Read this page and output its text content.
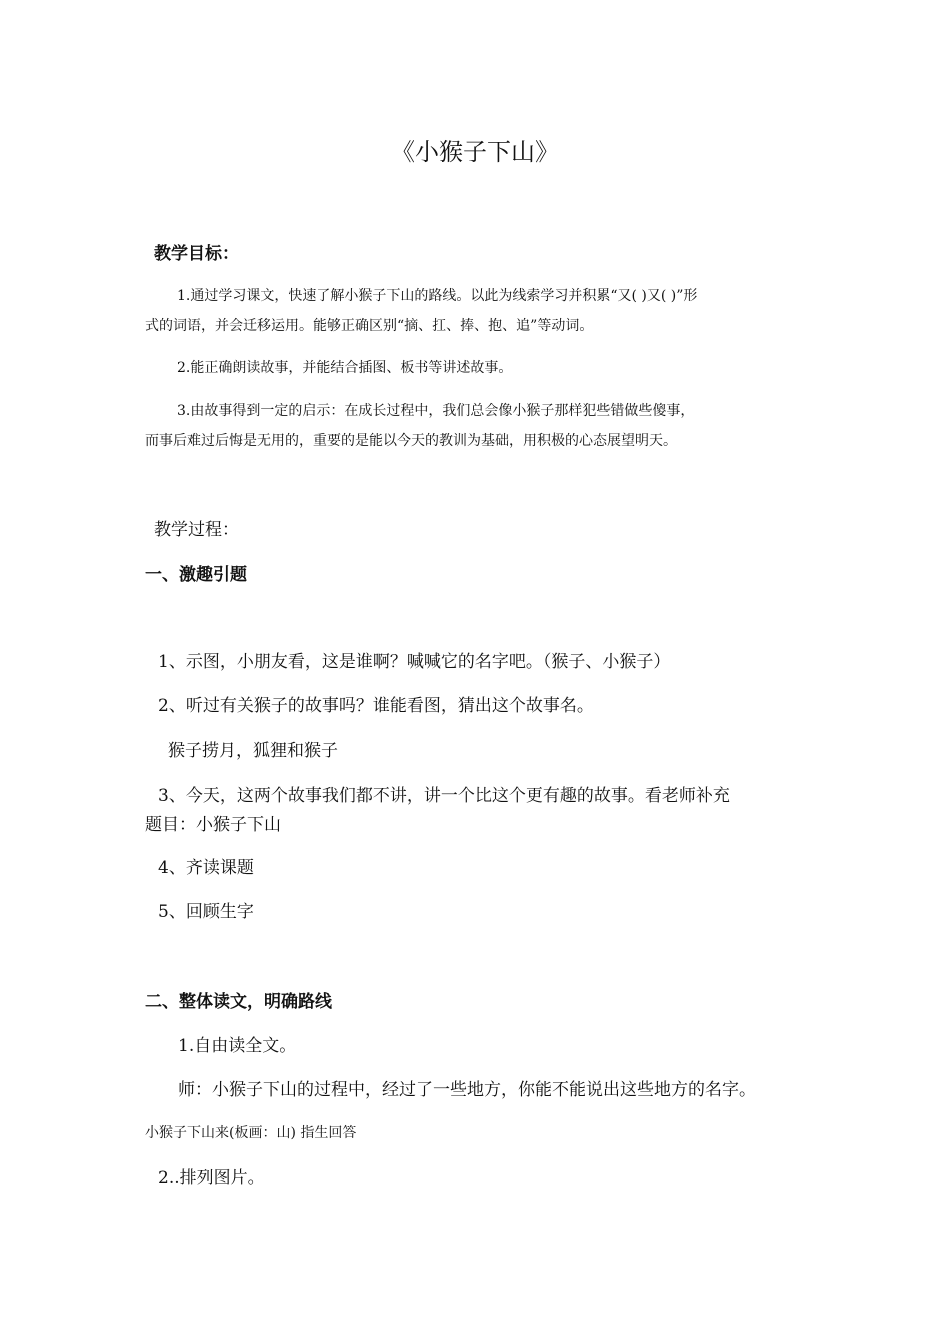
《小猴子下山》
教学目标：
1.通过学习课文，快速了解小猴子下山的路线。以此为线索学习并积累“又( )又( )”形
式的词语，并会迁移运用。能够正确区别“摘、扛、捧、抱、追”等动词。
2.能正确朗读故事，并能结合插图、板书等讲述故事。
3.由故事得到一定的启示：在成长过程中，我们总会像小猴子那样犯些错做些傻事，
而事后难过后悔是无用的，重要的是能以今天的教训为基础，用积极的心态展望明天。
教学过程：
一、激趣引题
1、示图，小朋友看，这是谁啊？喊喊它的名字吧。（猴子、小猴子）
2、听过有关猴子的故事吗？谁能看图，猜出这个故事名。
猴子捞月，狐狸和猴子
3、今天，这两个故事我们都不讲，讲一个比这个更有趣的故事。看老师补充
题目：小猴子下山
4、齐读课题
5、回顾生字
二、整体读文，明确路线
1.自由读全文。
师：小猴子下山的过程中，经过了一些地方，你能不能说出这些地方的名字。
小猴子下山来(板画：山) 指生回答
2..排列图片。
